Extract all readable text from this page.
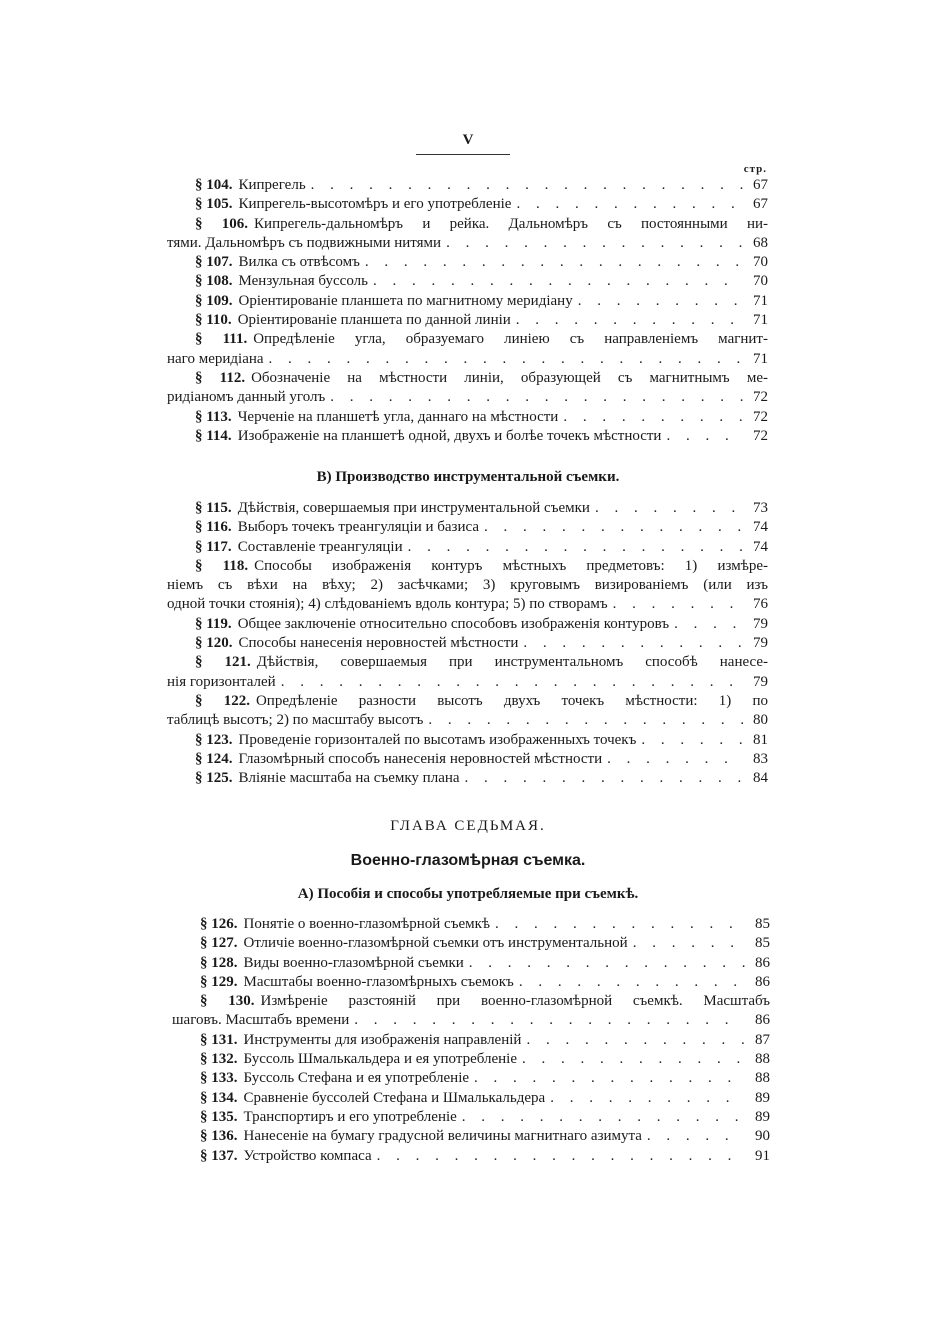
V
стр.
§ 104. Кипрегель . . .	67
§ 105. Кипрегель-высотомѣръ и его употребленіе . . .	67
§ 106. Кипрегель-дальномѣръ и рейка. Дальномѣръ съ постоянными ни-
тями. Дальномѣръ съ подвижными нитями . . .	68
§ 107. Вилка съ отвѣсомъ . . .	70
§ 108. Мензульная буссоль . . .	70
§ 109. Оріентированіе планшета по магнитному меридіану . . .	71
§ 110. Оріентированіе планшета по данной линіи . . .	71
§ 111. Опредѣленіе угла, образуемаго линіею съ направленіемъ магнит-
наго меридіана . . .	71
§ 112. Обозначеніе на мѣстности линіи, образующей съ магнитнымъ ме-
ридіаномъ данный уголъ . . .	72
§ 113. Черченіе на планшетѣ угла, даннаго на мѣстности . . .	72
§ 114. Изображеніе на планшетѣ одной, двухъ и болѣе точекъ мѣстности . . .	72
В) Производство инструментальной съемки.
§ 115. Дѣйствія, совершаемыя при инструментальной съемки . . .	73
§ 116. Выборъ точекъ треангуляціи и базиса . . .	74
§ 117. Составленіе треангуляціи . . .	74
§ 118. Способы изображенія контуръ мѣстныхъ предметовъ: 1) измѣре-
ніемъ съ вѣхи на вѣху; 2) засѣчками; 3) круговымъ визированіемъ (или изъ
одной точки стоянія); 4) слѣдованіемъ вдоль контура; 5) по створамъ . . .	76
§ 119. Общее заключеніе относительно способовъ изображенія контуровъ . . .	79
§ 120. Способы нанесенія неровностей мѣстности . . .	79
§ 121. Дѣйствія, совершаемыя при инструментальномъ способѣ нанесе-
нія горизонталей . . .	79
§ 122. Опредѣленіе разности высотъ двухъ точекъ мѣстности: 1) по
таблицѣ высотъ; 2) по масштабу высотъ . . .	80
§ 123. Проведеніе горизонталей по высотамъ изображенныхъ точекъ . . .	81
§ 124. Глазомѣрный способъ нанесенія неровностей мѣстности . . .	83
§ 125. Вліяніе масштаба на съемку плана . . .	84
ГЛАВА СЕДЬМАЯ.
Военно-глазомѣрная съемка.
А) Пособія и способы употребляемые при съемкѣ.
§ 126. Понятіе о военно-глазомѣрной съемкѣ . . .	85
§ 127. Отличіе военно-глазомѣрной съемки отъ инструментальной . . .	85
§ 128. Виды военно-глазомѣрной съемки . . .	86
§ 129. Масштабы военно-глазомѣрныхъ съемокъ . . .	86
§ 130. Измѣреніе разстояній при военно-глазомѣрной съемкѣ. Масштабъ
шаговъ. Масштабъ времени . . .	86
§ 131. Инструменты для изображенія направленій . . .	87
§ 132. Буссоль Шмалькальдера и ея употребленіе . . .	88
§ 133. Буссоль Стефана и ея употребленіе . . .	88
§ 134. Сравненіе буссолей Стефана и Шмалькальдера . . .	89
§ 135. Транспортиръ и его употребленіе . . .	89
§ 136. Нанесеніе на бумагу градусной величины магнитнаго азимута . . .	90
§ 137. Устройство компаса . . .	91
